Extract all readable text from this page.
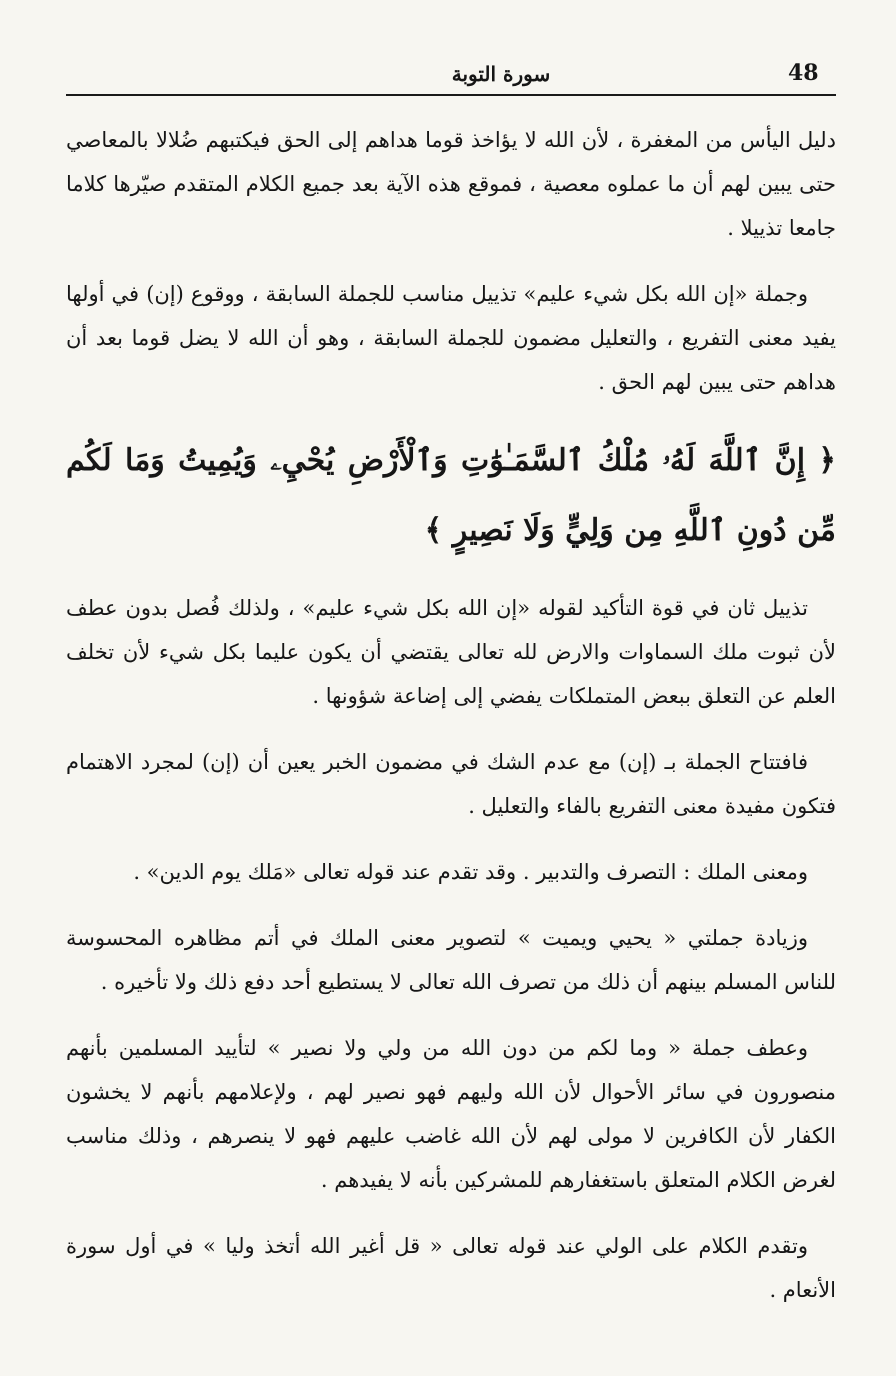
48
سورة التوبة

دليل اليأس من المغفرة ، لأن الله لا يؤاخذ قوما هداهم إلى الحق فيكتبهم ضُلالا بالمعاصي حتى يبين لهم أن ما عملوه معصية ، فموقع هذه الآية بعد جميع الكلام المتقدم صيّرها كلاما جامعا تذييلا .

وجملة «إن الله بكل شيء عليم» تذييل مناسب للجملة السابقة ، ووقوع (إن) في أولها يفيد معنى التفريع ، والتعليل مضمون للجملة السابقة ، وهو أن الله لا يضل قوما بعد أن هداهم حتى يبين لهم الحق .

﴿ إِنَّ ٱللَّهَ لَهُۥ مُلْكُ ٱلسَّمَـٰوَٰتِ وَٱلْأَرْضِ يُحْيِۦ وَيُمِيتُ وَمَا لَكُم مِّن دُونِ ٱللَّهِ مِن وَلِيٍّ وَلَا نَصِيرٍ ﴾

تذييل ثان في قوة التأكيد لقوله «إن الله بكل شيء عليم» ، ولذلك فُصل بدون عطف لأن ثبوت ملك السماوات والارض لله تعالى يقتضي أن يكون عليما بكل شيء لأن تخلف العلم عن التعلق ببعض المتملكات يفضي إلى إضاعة شؤونها .

فافتتاح الجملة بـ (إن) مع عدم الشك في مضمون الخبر يعين أن (إن) لمجرد الاهتمام فتكون مفيدة معنى التفريع بالفاء والتعليل .

ومعنى الملك : التصرف والتدبير . وقد تقدم عند قوله تعالى «مَلك يوم الدين» .

وزيادة جملتي « يحيي ويميت » لتصوير معنى الملك في أتم مظاهره المحسوسة للناس المسلم بينهم أن ذلك من تصرف الله تعالى لا يستطيع أحد دفع ذلك ولا تأخيره .

وعطف جملة « وما لكم من دون الله من ولي ولا نصير » لتأييد المسلمين بأنهم منصورون في سائر الأحوال لأن الله وليهم فهو نصير لهم ، ولإعلامهم بأنهم لا يخشون الكفار لأن الكافرين لا مولى لهم لأن الله غاضب عليهم فهو لا ينصرهم ، وذلك مناسب لغرض الكلام المتعلق باستغفارهم للمشركين بأنه لا يفيدهم .

وتقدم الكلام على الولي عند قوله تعالى « قل أغير الله أتخذ وليا » في أول سورة الأنعام .
